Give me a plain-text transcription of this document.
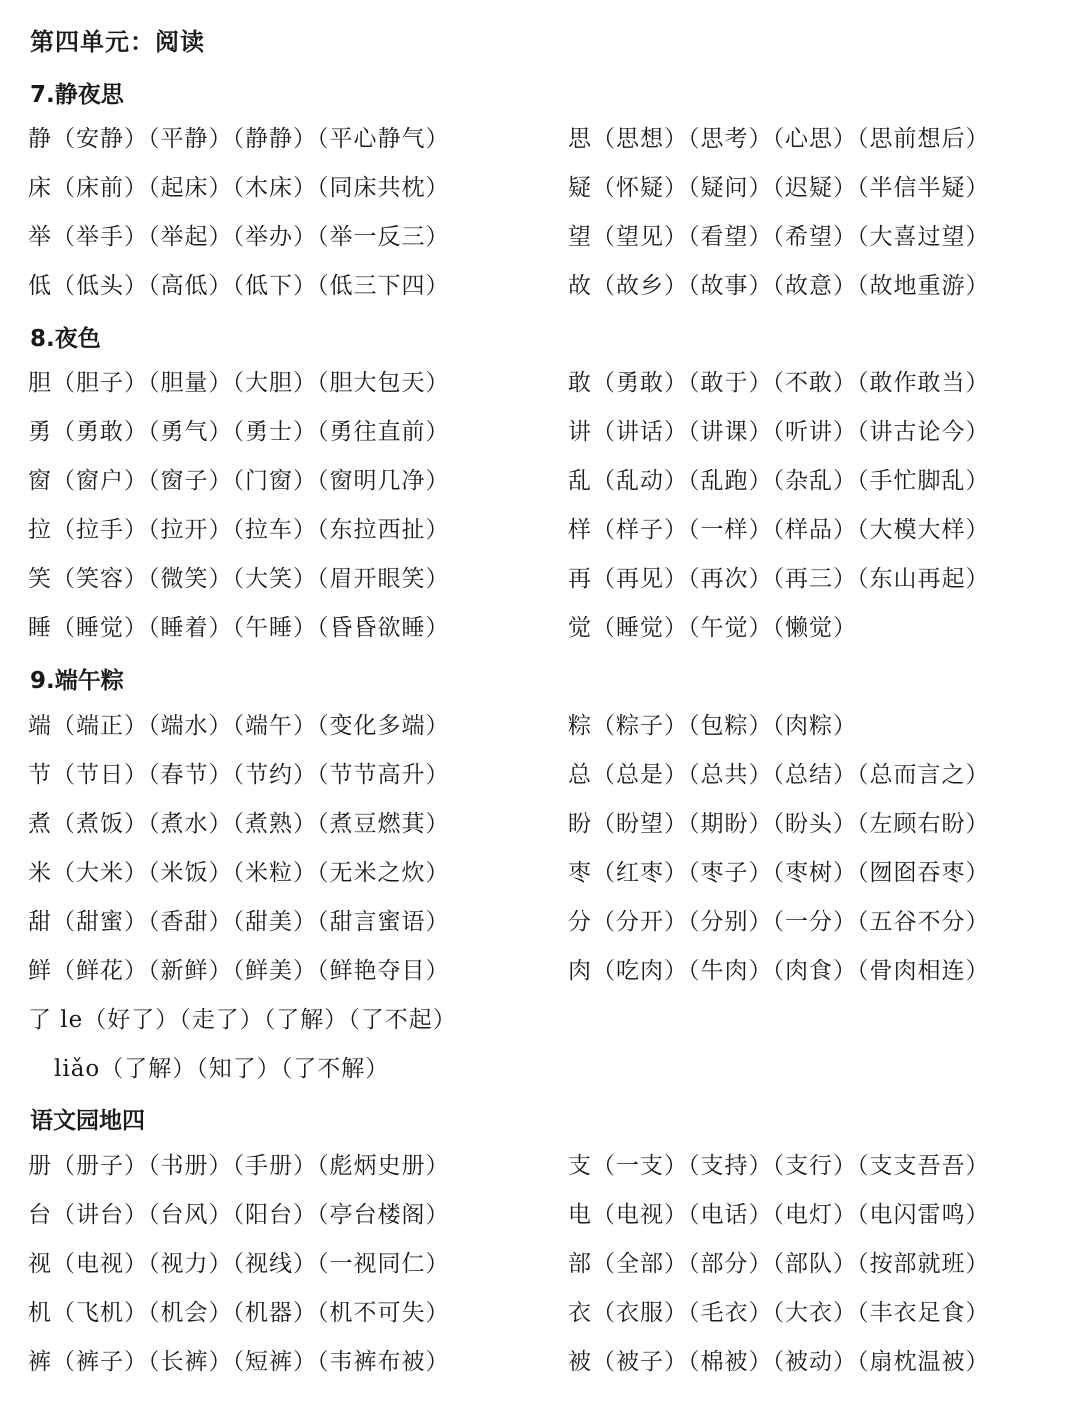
第四单元：阅读
7.静夜思
静（安静）（平静）（静静）（平心静气）	思（思想）（思考）（心思）（思前想后）
床（床前）（起床）（木床）（同床共枕）	疑（怀疑）（疑问）（迟疑）（半信半疑）
举（举手）（举起）（举办）（举一反三）	望（望见）（看望）（希望）（大喜过望）
低（低头）（高低）（低下）（低三下四）	故（故乡）（故事）（故意）（故地重游）
8.夜色
胆（胆子）（胆量）（大胆）（胆大包天）	敢（勇敢）（敢于）（不敢）（敢作敢当）
勇（勇敢）（勇气）（勇士）（勇往直前）	讲（讲话）（讲课）（听讲）（讲古论今）
窗（窗户）（窗子）（门窗）（窗明几净）	乱（乱动）（乱跑）（杂乱）（手忙脚乱）
拉（拉手）（拉开）（拉车）（东拉西扯）	样（样子）（一样）（样品）（大模大样）
笑（笑容）（微笑）（大笑）（眉开眼笑）	再（再见）（再次）（再三）（东山再起）
睡（睡觉）（睡着）（午睡）（昏昏欲睡）	觉（睡觉）（午觉）（懒觉）
9.端午粽
端（端正）（端水）（端午）（变化多端）	粽（粽子）（包粽）（肉粽）
节（节日）（春节）（节约）（节节高升）	总（总是）（总共）（总结）（总而言之）
煮（煮饭）（煮水）（煮熟）（煮豆燃萁）	盼（盼望）（期盼）（盼头）（左顾右盼）
米（大米）（米饭）（米粒）（无米之炊）	枣（红枣）（枣子）（枣树）（囫囵吞枣）
甜（甜蜜）（香甜）（甜美）（甜言蜜语）	分（分开）（分别）（一分）（五谷不分）
鲜（鲜花）（新鲜）（鲜美）（鲜艳夺目）	肉（吃肉）（牛肉）（肉食）（骨肉相连）
了 le（好了）（走了）（了解）（了不起）
liǎo（了解）（知了）（了不解）
语文园地四
册（册子）（书册）（手册）（彪炳史册）	支（一支）（支持）（支行）（支支吾吾）
台（讲台）（台风）（阳台）（亭台楼阁）	电（电视）（电话）（电灯）（电闪雷鸣）
视（电视）（视力）（视线）（一视同仁）	部（全部）（部分）（部队）（按部就班）
机（飞机）（机会）（机器）（机不可失）	衣（衣服）（毛衣）（大衣）（丰衣足食）
裤（裤子）（长裤）（短裤）（韦裤布被）	被（被子）（棉被）（被动）（扇枕温被）
